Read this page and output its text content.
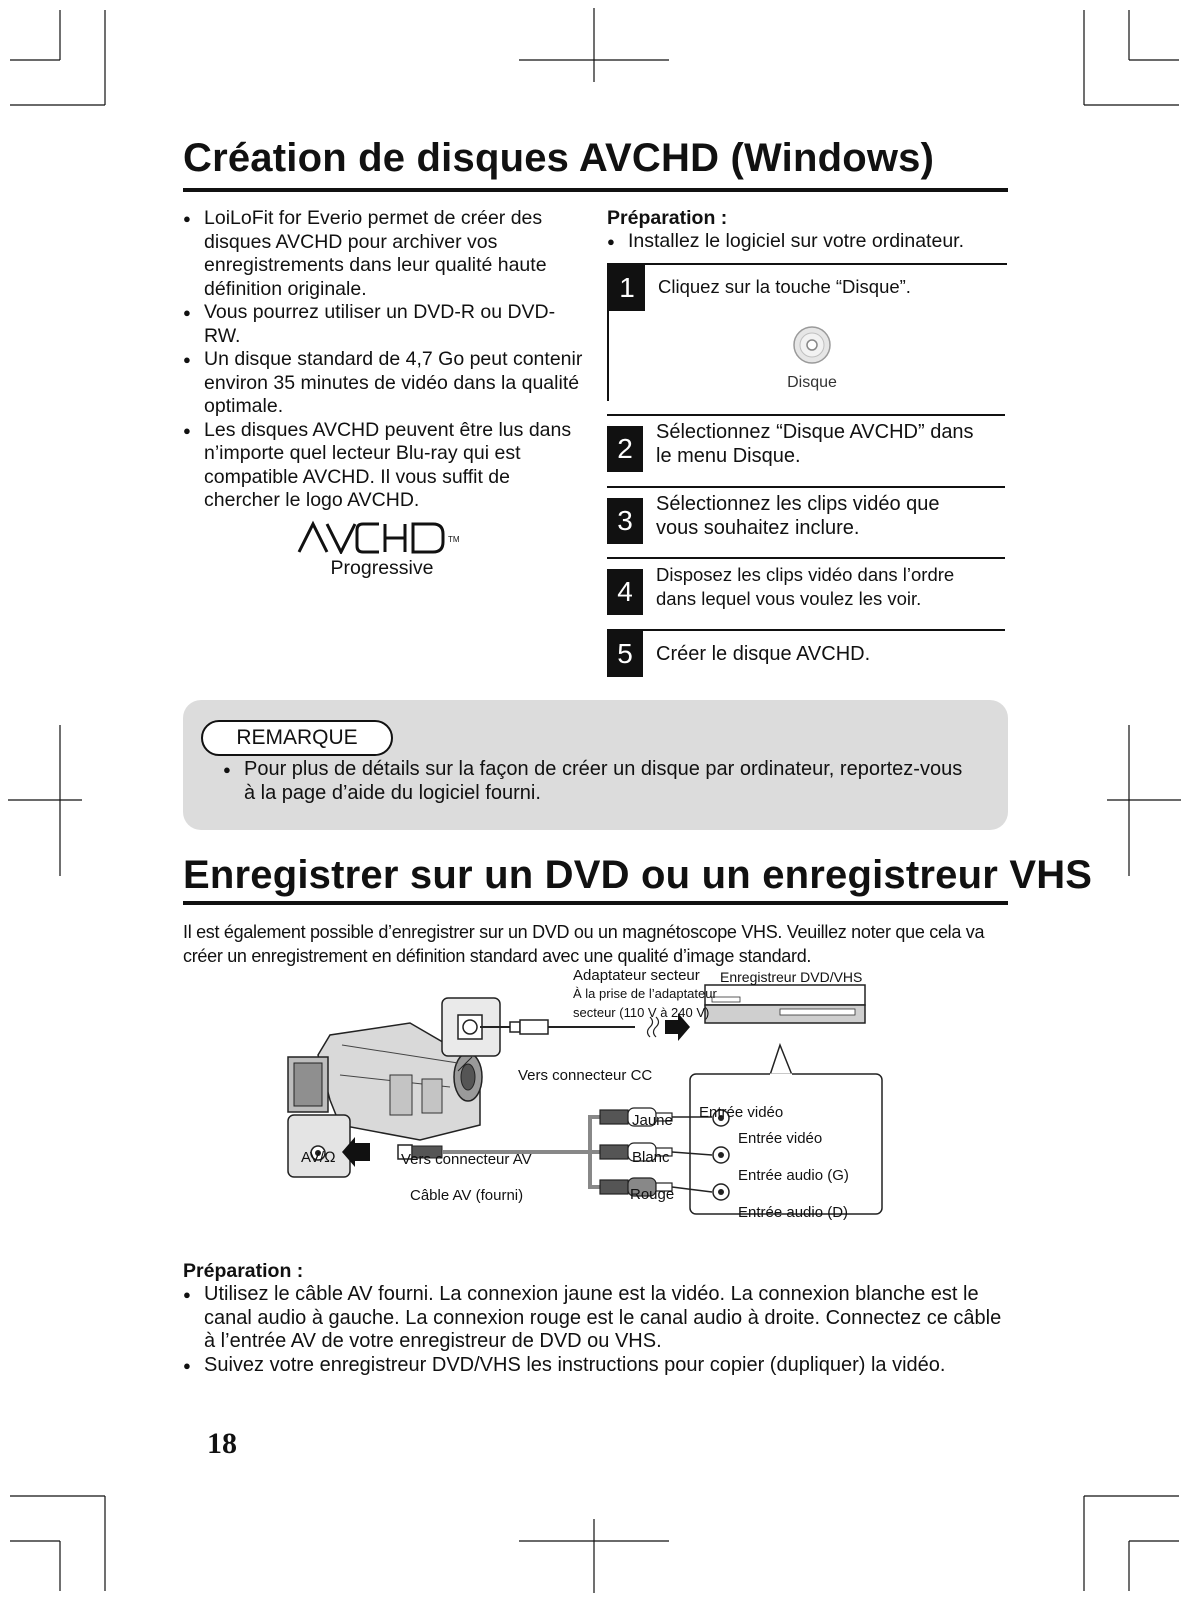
Création de disques AVCHD (Windows)
● LoiLoFit for Everio permet de créer des disques AVCHD pour archiver vos enregistrements dans leur qualité haute définition originale.
● Vous pourrez utiliser un DVD-R ou DVD-RW.
● Un disque standard de 4,7 Go peut contenir environ 35 minutes de vidéo dans la qualité optimale.
● Les disques AVCHD peuvent être lus dans n’importe quel lecteur Blu-ray qui est compatible AVCHD. Il vous suffit de chercher le logo AVCHD.
TM
Progressive
Préparation :
● Installez le logiciel sur votre ordinateur.
1	Cliquez sur la touche “Disque”.
Disque
2
Sélectionnez “Disque AVCHD” dans le menu Disque.
3
Sélectionnez les clips vidéo que vous souhaitez inclure.
4
Disposez les clips vidéo dans l’ordre dans lequel vous voulez les voir.
5	Créer le disque AVCHD.
REMARQUE
● Pour plus de détails sur la façon de créer un disque par ordinateur, reportez-vous à la page d’aide du logiciel fourni.
Enregistrer sur un DVD ou un enregistreur VHS
Il est également possible d’enregistrer sur un DVD ou un magnétoscope VHS. Veuillez noter que cela va créer un enregistrement en définition standard avec une qualité d’image standard.
Adaptateur secteur
À la prise de l’adaptateur
secteur (110 V à 240 V)
Enregistreur DVD/VHS
Vers connecteur CC
AV/Ω	Vers connecteur AV
Câble AV (fourni)
Jaune
Blanc
Rouge
Entrée vidéo
Entrée vidéo
Entrée audio (G)
Entrée audio (D)
Préparation :
● Utilisez le câble AV fourni. La connexion jaune est la vidéo. La connexion blanche est le canal audio à gauche. La connexion rouge est le canal audio à droite. Connectez ce câble à l’entrée AV de votre enregistreur de DVD ou VHS.
● Suivez votre enregistreur DVD/VHS les instructions pour copier (dupliquer) la vidéo.
18
